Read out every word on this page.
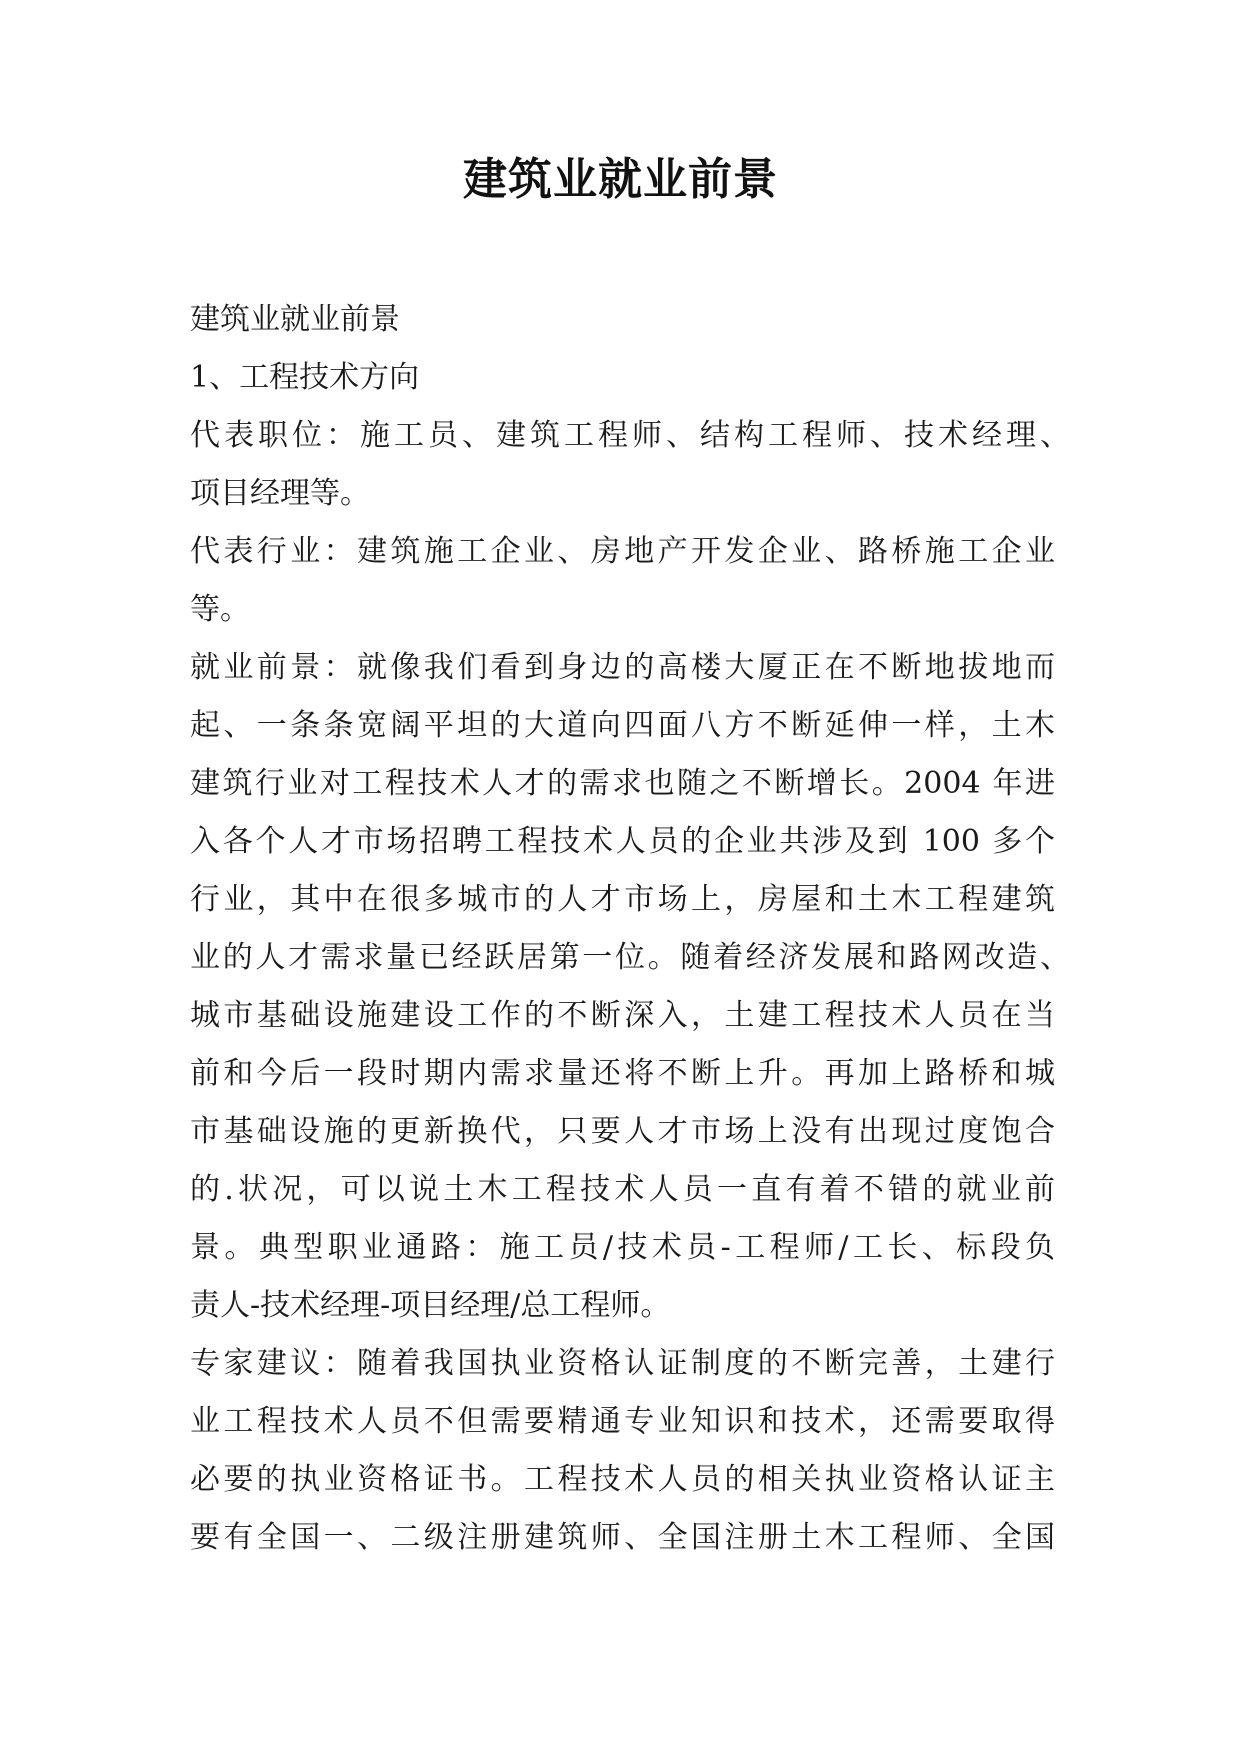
建筑业就业前景
建筑业就业前景
1、工程技术方向
代表职位：施工员、建筑工程师、结构工程师、技术经理、
项目经理等。
代表行业：建筑施工企业、房地产开发企业、路桥施工企业
等。
就业前景：就像我们看到身边的高楼大厦正在不断地拔地而
起、一条条宽阔平坦的大道向四面八方不断延伸一样，土木
建筑行业对工程技术人才的需求也随之不断增长。2004 年进
入各个人才市场招聘工程技术人员的企业共涉及到 100 多个
行业，其中在很多城市的人才市场上，房屋和土木工程建筑
业的人才需求量已经跃居第一位。随着经济发展和路网改造、
城市基础设施建设工作的不断深入，土建工程技术人员在当
前和今后一段时期内需求量还将不断上升。再加上路桥和城
市基础设施的更新换代，只要人才市场上没有出现过度饱合
的.状况，可以说土木工程技术人员一直有着不错的就业前
景。典型职业通路：施工员/技术员-工程师/工长、标段负
责人-技术经理-项目经理/总工程师。
专家建议：随着我国执业资格认证制度的不断完善，土建行
业工程技术人员不但需要精通专业知识和技术，还需要取得
必要的执业资格证书。工程技术人员的相关执业资格认证主
要有全国一、二级注册建筑师、全国注册土木工程师、全国
